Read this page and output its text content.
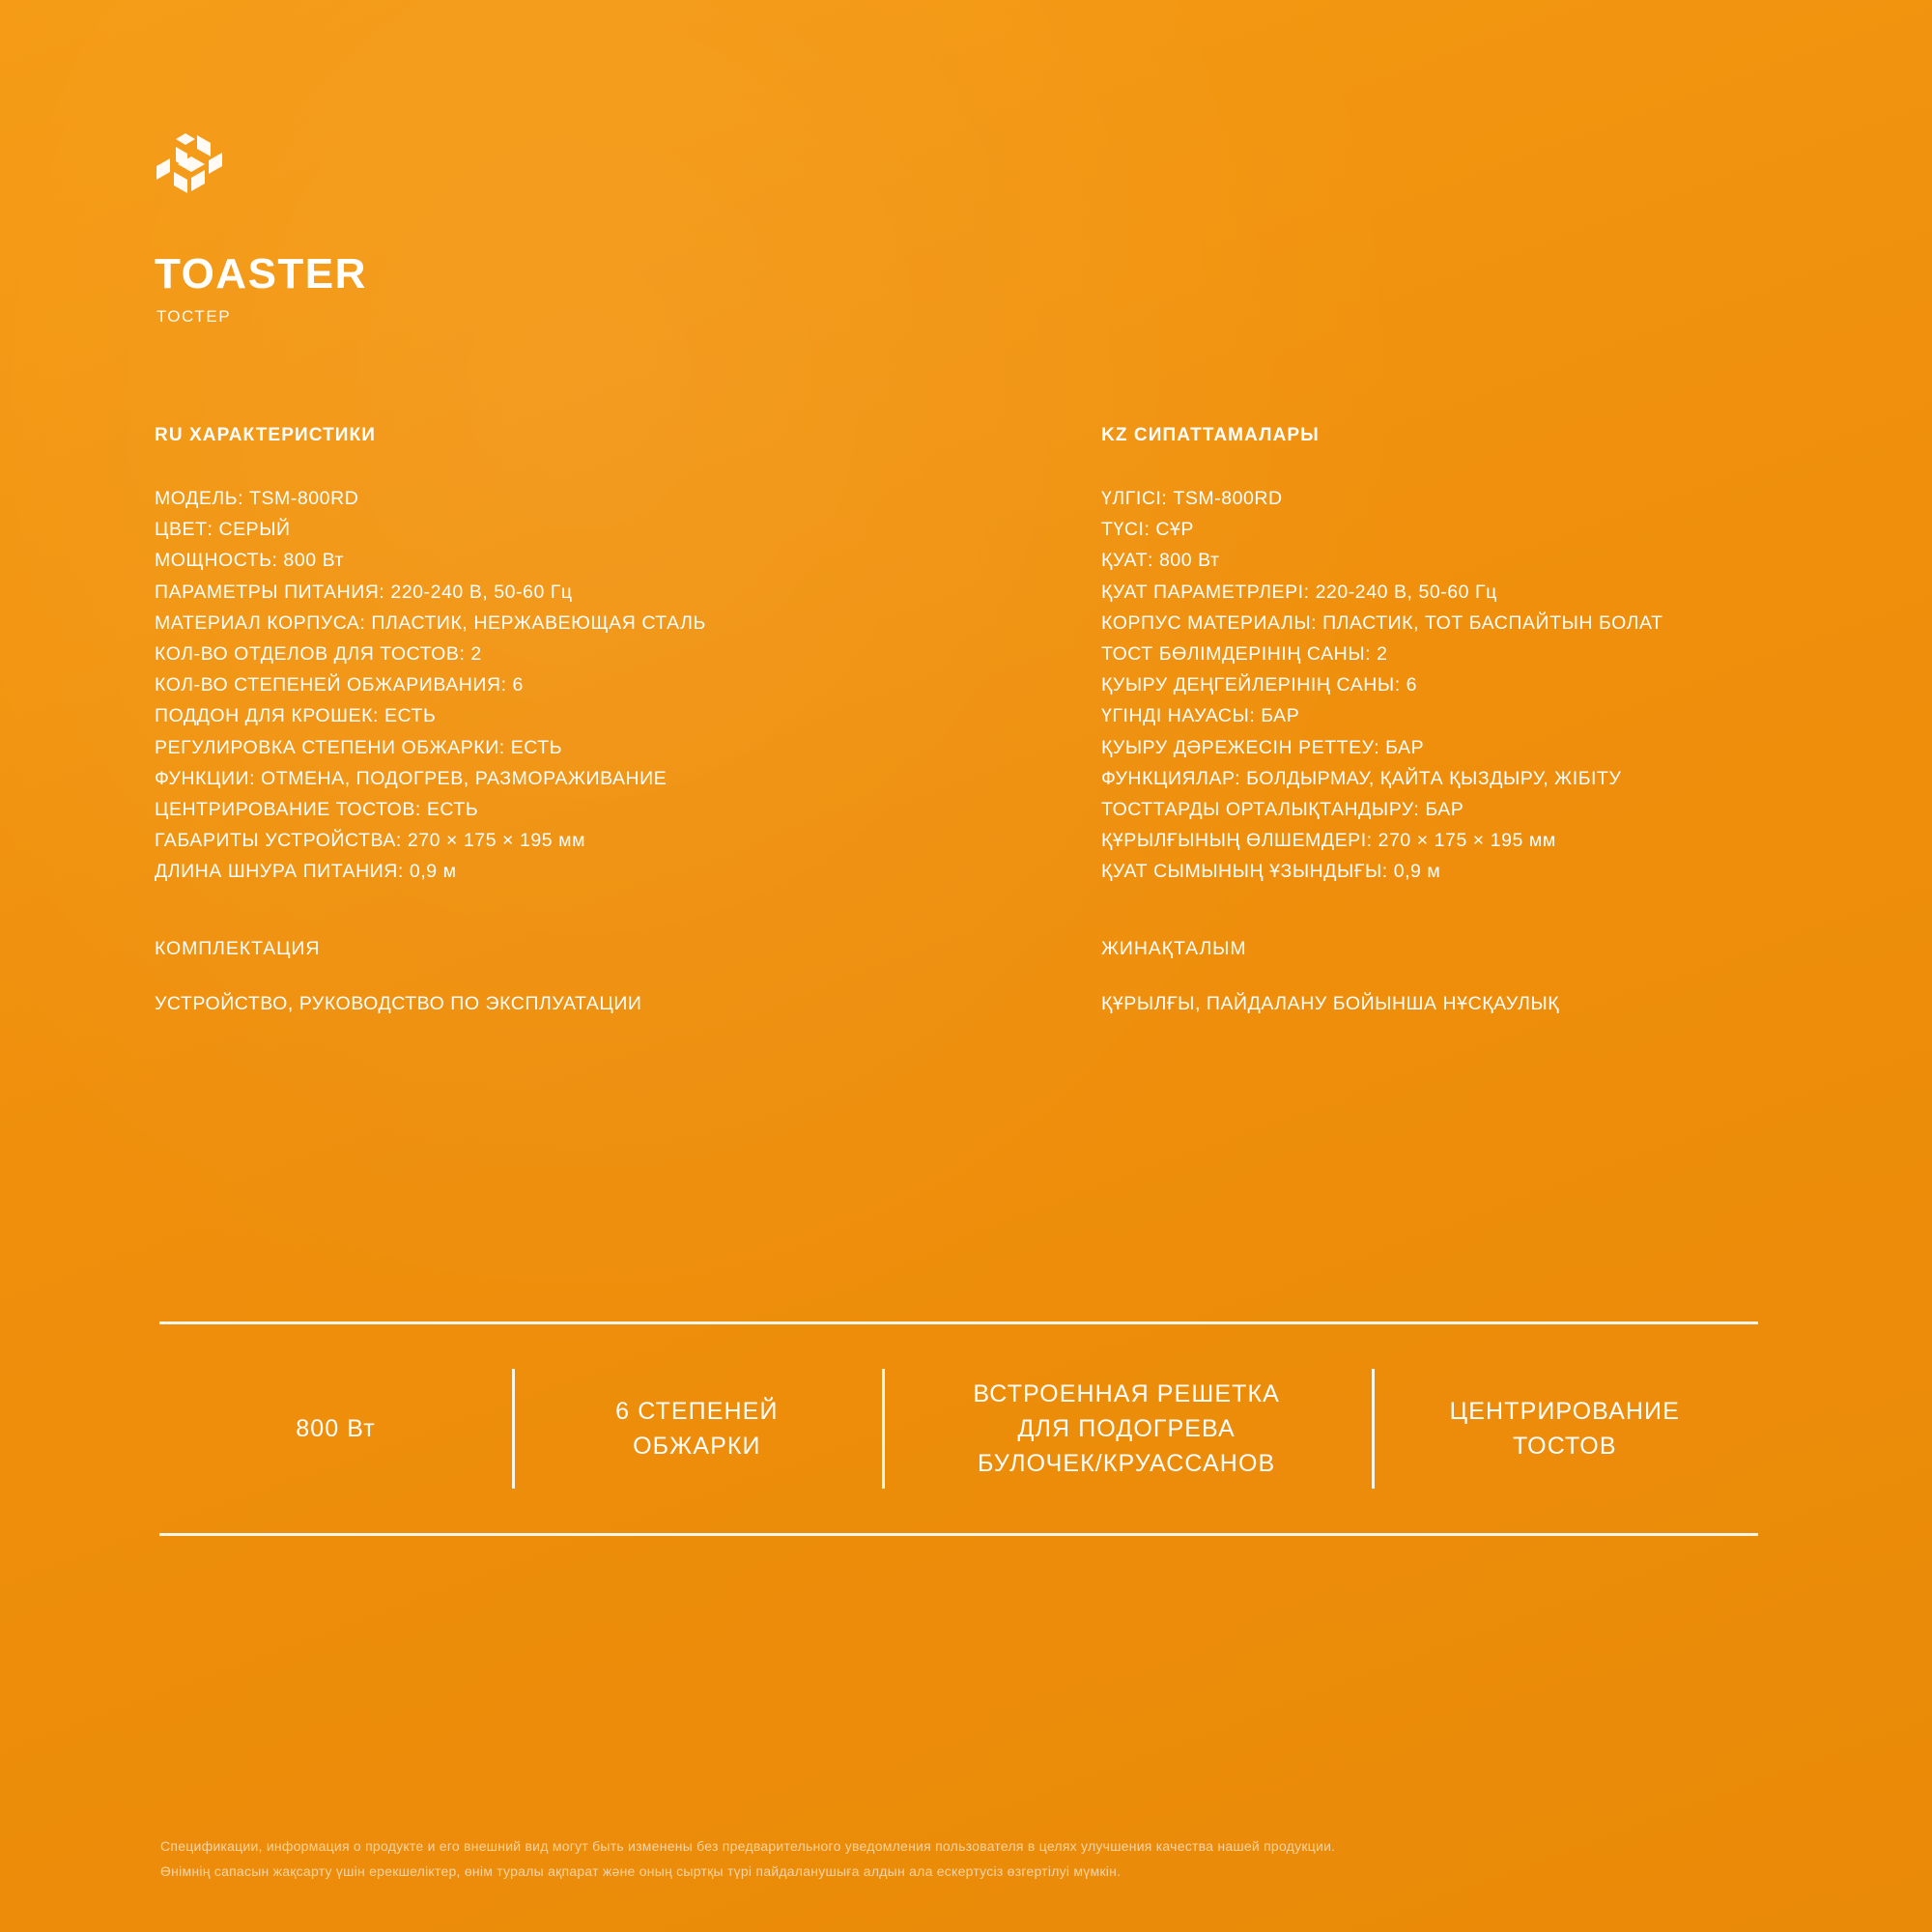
TOASTER
ТОСТЕР
RU ХАРАКТЕРИСТИКИ
МОДЕЛЬ: TSM-800RD
ЦВЕТ: СЕРЫЙ
МОЩНОСТЬ: 800 Вт
ПАРАМЕТРЫ ПИТАНИЯ: 220-240 В, 50-60 Гц
МАТЕРИАЛ КОРПУСА: ПЛАСТИК, НЕРЖАВЕЮЩАЯ СТАЛЬ
КОЛ-ВО ОТДЕЛОВ ДЛЯ ТОСТОВ: 2
КОЛ-ВО СТЕПЕНЕЙ ОБЖАРИВАНИЯ: 6
ПОДДОН ДЛЯ КРОШЕК: ЕСТЬ
РЕГУЛИРОВКА СТЕПЕНИ ОБЖАРКИ: ЕСТЬ
ФУНКЦИИ: ОТМЕНА, ПОДОГРЕВ, РАЗМОРАЖИВАНИЕ
ЦЕНТРИРОВАНИЕ ТОСТОВ: ЕСТЬ
ГАБАРИТЫ УСТРОЙСТВА: 270 × 175 × 195 мм
ДЛИНА ШНУРА ПИТАНИЯ: 0,9 м
КОМПЛЕКТАЦИЯ
УСТРОЙСТВО, РУКОВОДСТВО ПО ЭКСПЛУАТАЦИИ
KZ СИПАТТАМАЛАРЫ
ҮЛГІСІ: TSM-800RD
ТҮСІ: СҰР
ҚУАТ: 800 Вт
ҚУАТ ПАРАМЕТРЛЕРІ: 220-240 В, 50-60 Гц
КОРПУС МАТЕРИАЛЫ: ПЛАСТИК, ТОТ БАСПАЙТЫН БОЛАТ
ТОСТ БӨЛІМДЕРІНІҢ САНЫ: 2
ҚУЫРУ ДЕҢГЕЙЛЕРІНІҢ САНЫ: 6
ҮГІНДІ НАУАСЫ: БАР
ҚУЫРУ ДӘРЕЖЕСІН РЕТТЕУ: БАР
ФУНКЦИЯЛАР: БОЛДЫРМАУ, ҚАЙТА ҚЫЗДЫРУ, ЖІБІТУ
ТОСТТАРДЫ ОРТАЛЫҚТАНДЫРУ: БАР
ҚҰРЫЛҒЫНЫҢ ӨЛШЕМДЕРІ: 270 × 175 × 195 мм
ҚУАТ СЫМЫНЫҢ ҰЗЫНДЫҒЫ: 0,9 м
ЖИНАҚТАЛЫМ
ҚҰРЫЛҒЫ, ПАЙДАЛАНУ БОЙЫНША НҰСҚАУЛЫҚ
800 Вт
6 СТЕПЕНЕЙ
ОБЖАРКИ
ВСТРОЕННАЯ РЕШЕТКА
ДЛЯ ПОДОГРЕВА
БУЛОЧЕК/КРУАССАНОВ
ЦЕНТРИРОВАНИЕ
ТОСТОВ
Спецификации, информация о продукте и его внешний вид могут быть изменены без предварительного уведомления пользователя в целях улучшения качества нашей продукции.
Өнімнің сапасын жақсарту үшін ерекшеліктер, өнім туралы ақпарат және оның сыртқы түрі пайдаланушыға алдын ала ескертусіз өзгертілуі мүмкін.
